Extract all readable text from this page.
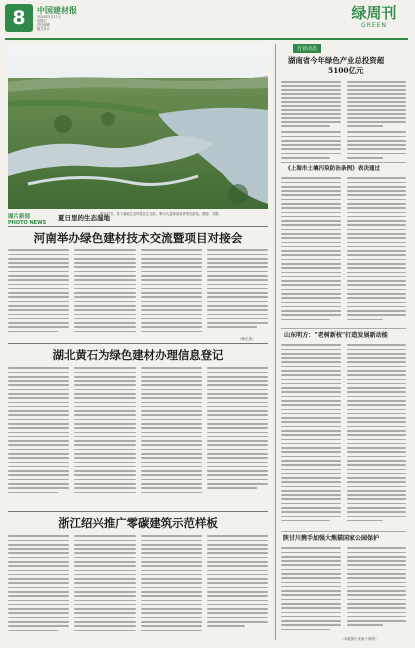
8 中国建材报
2024年5月17日
星期五
责任编辑
版式设计
绿周刊
GREEN
图片新闻
PHOTO NEWS
夏日里的生态湿地
夏日时节，各个湿地生态风景区生态好，吸引大量游客前来观光游览。摄影：刘振
行业动态
湖南省今年绿色产业总投资超
5100亿元
《上海市土壤污染防治条例》表决通过
山东明方："老树新枝"打造发展新动能
陕甘川携手加强大熊猫国家公园保护
（本版图片来源于网络）
河南举办绿色建材技术交流暨项目对接会
（韩记者）
湖北黄石为绿色建材办理信息登记
浙江绍兴推广零碳建筑示范样板
